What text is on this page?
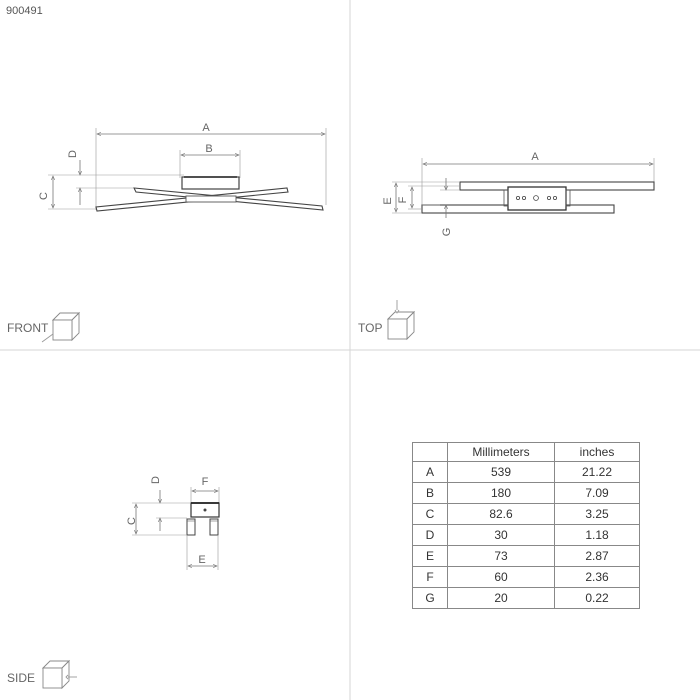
A
B
D
C
A
E F
G
F
D
C
E
900491
FRONT	TOP
SIDE
	Millimeters	inches
A	539	21.22
B	180	7.09
C	82.6	3.25
D	30	1.18
E	73	2.87
F	60	2.36
G	20	0.22
